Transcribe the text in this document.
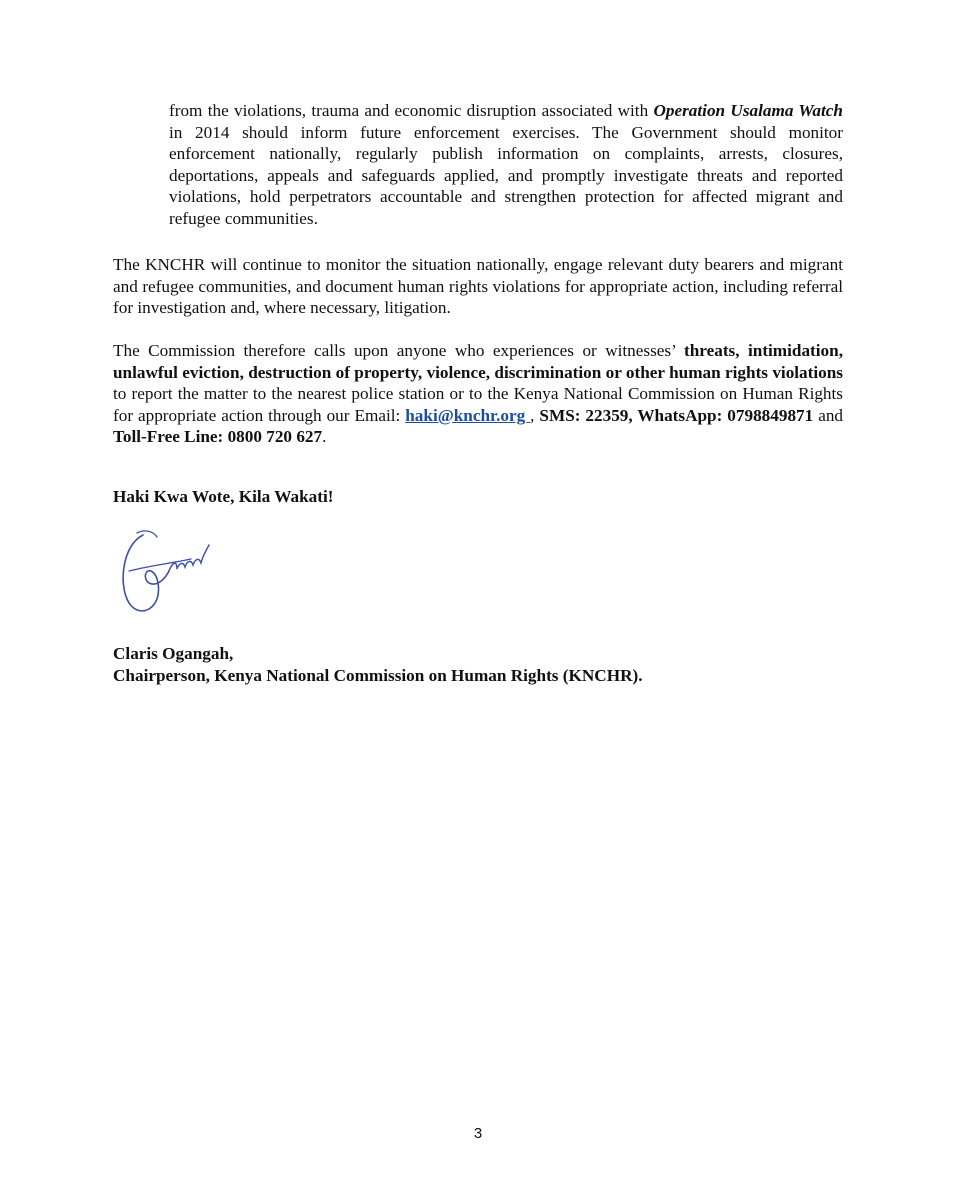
from the violations, trauma and economic disruption associated with Operation Usalama Watch in 2014 should inform future enforcement exercises. The Government should monitor enforcement nationally, regularly publish information on complaints, arrests, closures, deportations, appeals and safeguards applied, and promptly investigate threats and reported violations, hold perpetrators accountable and strengthen protection for affected migrant and refugee communities.

The KNCHR will continue to monitor the situation nationally, engage relevant duty bearers and migrant and refugee communities, and document human rights violations for appropriate action, including referral for investigation and, where necessary, litigation.

The Commission therefore calls upon anyone who experiences or witnesses’ threats, intimidation, unlawful eviction, destruction of property, violence, discrimination or other human rights violations to report the matter to the nearest police station or to the Kenya National Commission on Human Rights for appropriate action through our Email: haki@knchr.org , SMS: 22359, WhatsApp: 0798849871 and Toll-Free Line: 0800 720 627.

Haki Kwa Wote, Kila Wakati!

Claris Ogangah,
Chairperson, Kenya National Commission on Human Rights (KNCHR).

3
